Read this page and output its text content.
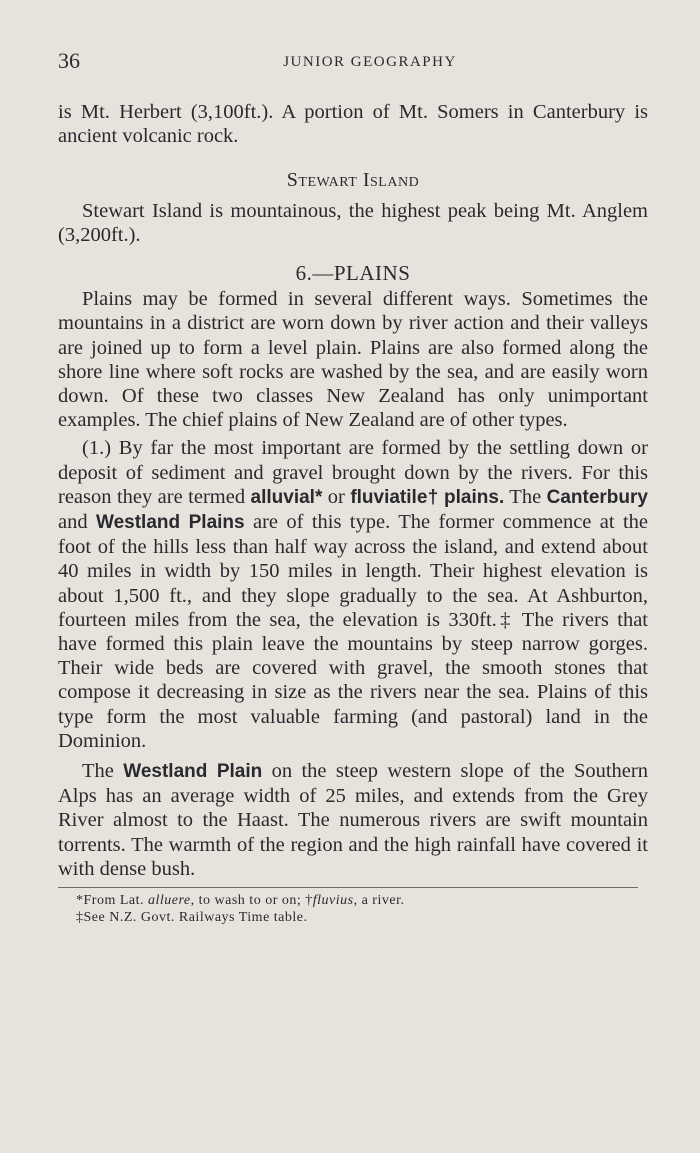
36	JUNIOR GEOGRAPHY

is Mt. Herbert (3,100ft.). A portion of Mt. Somers in Canterbury is ancient volcanic rock.

Stewart Island

Stewart Island is mountainous, the highest peak being Mt. Anglem (3,200ft.).

6.—PLAINS

Plains may be formed in several different ways. Sometimes the mountains in a district are worn down by river action and their valleys are joined up to form a level plain. Plains are also formed along the shore line where soft rocks are washed by the sea, and are easily worn down. Of these two classes New Zealand has only unimportant examples. The chief plains of New Zealand are of other types.

(1.) By far the most important are formed by the settling down or deposit of sediment and gravel brought down by the rivers. For this reason they are termed alluvial* or fluviatile† plains. The Canterbury and Westland Plains are of this type. The former commence at the foot of the hills less than half way across the island, and extend about 40 miles in width by 150 miles in length. Their highest elevation is about 1,500 ft., and they slope gradually to the sea. At Ashburton, fourteen miles from the sea, the elevation is 330ft.‡ The rivers that have formed this plain leave the mountains by steep narrow gorges. Their wide beds are covered with gravel, the smooth stones that compose it decreasing in size as the rivers near the sea. Plains of this type form the most valuable farming (and pastoral) land in the Dominion.

The Westland Plain on the steep western slope of the Southern Alps has an average width of 25 miles, and extends from the Grey River almost to the Haast. The numerous rivers are swift mountain torrents. The warmth of the region and the high rainfall have covered it with dense bush.

*From Lat. alluere, to wash to or on; †fluvius, a river.
‡See N.Z. Govt. Railways Time table.
